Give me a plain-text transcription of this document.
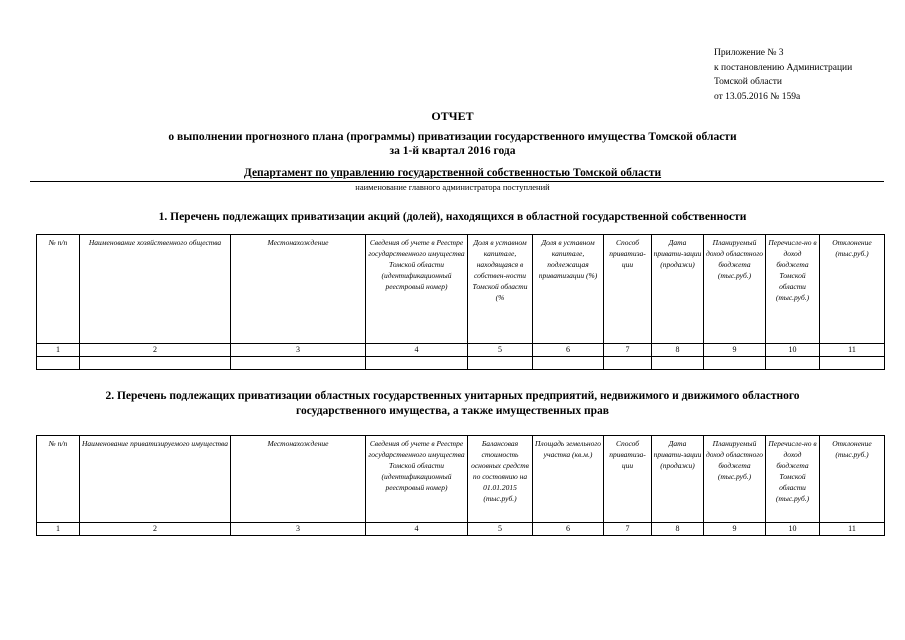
Приложение № 3
к постановлению Администрации
Томской области
от 13.05.2016 № 159а
ОТЧЕТ
о выполнении прогнозного плана (программы) приватизации государственного имущества Томской области
за 1-й квартал 2016 года
Департамент по управлению государственной собственностью Томской области
наименование главного администратора поступлений
1. Перечень подлежащих приватизации акций (долей), находящихся в областной государственной собственности
№ п/п	Наименование хозяйственного общества	Местонахождение	Сведения об учете в Реестре государственного имущества Томской области (идентификационный реестровый номер)	Доля в уставном капитале, находящаяся в собствен-ности Томской области (%	Доля в уставном капитале, подлежащая приватизации (%)	Способ приватиза-ции	Дата привати-зации (продажи)	Планируемый доход областного бюджета (тыс.руб.)	Перечисле-но в доход бюджета Томской области (тыс.руб.)	Отклонение (тыс.руб.)
1	2	3	4	5	6	7	8	9	10	11

2. Перечень подлежащих приватизации областных государственных унитарных предприятий, недвижимого и движимого областного
государственного имущества, а также имущественных прав
№ п/п	Наименование приватизируемого имущества	Местонахождение	Сведения об учете в Реестре государственного имущества Томской области (идентификационный реестровый номер)	Балансовая стоимость основных средств по состоянию на 01.01.2015 (тыс.руб.)	Площадь земельного участка (кв.м.)	Способ приватиза-ции	Дата привати-зации (продажи)	Планируемый доход областного бюджета (тыс.руб.)	Перечисле-но в доход бюджета Томской области (тыс.руб.)	Отклонение (тыс.руб.)
1	2	3	4	5	6	7	8	9	10	11
